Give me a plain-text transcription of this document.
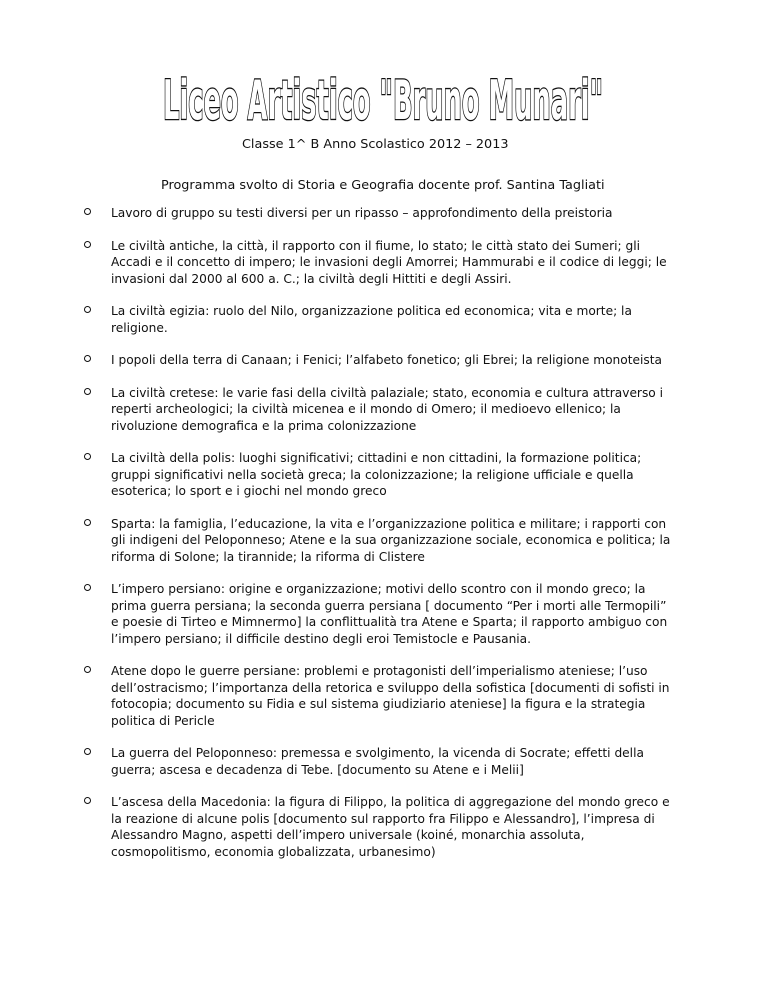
Liceo Artistico "Bruno Munari"
Classe 1^ B Anno Scolastico 2012 – 2013
Programma svolto di Storia e Geografia docente prof. Santina Tagliati
Lavoro di gruppo su testi diversi per un ripasso – approfondimento della preistoria
Le civiltà antiche, la città, il rapporto con il fiume, lo stato; le città stato dei Sumeri; gli Accadi e il concetto di impero; le invasioni degli Amorrei; Hammurabi e il codice di leggi; le invasioni dal 2000 al 600 a. C.; la civiltà degli Hittiti e degli Assiri.
La civiltà egizia: ruolo del Nilo, organizzazione politica ed economica; vita e morte; la religione.
I popoli della terra di Canaan; i Fenici; l’alfabeto fonetico; gli Ebrei; la religione monoteista
La civiltà cretese: le varie fasi della civiltà palaziale; stato, economia e cultura attraverso i reperti archeologici; la civiltà micenea e il mondo di Omero; il medioevo ellenico; la rivoluzione demografica e la prima colonizzazione
La civiltà della polis: luoghi significativi; cittadini e non cittadini, la formazione politica; gruppi significativi nella società greca; la colonizzazione; la religione ufficiale e quella esoterica; lo sport e i giochi nel mondo greco
Sparta: la famiglia, l’educazione, la vita e l’organizzazione politica e militare; i rapporti con gli indigeni del Peloponneso; Atene e la sua organizzazione sociale, economica e politica; la riforma di Solone; la tirannide; la riforma di Clistere
L’impero persiano: origine e organizzazione; motivi dello scontro con il mondo greco; la prima guerra persiana; la seconda guerra persiana [ documento “Per i morti alle Termopili” e poesie di Tirteo e Mimnermo] la conflittualità tra Atene e Sparta; il rapporto ambiguo con l’impero persiano; il difficile destino degli eroi Temistocle e Pausania.
Atene dopo le guerre persiane: problemi e protagonisti dell’imperialismo ateniese; l’uso dell’ostracismo; l’importanza della retorica e sviluppo della sofistica [documenti di sofisti in fotocopia; documento su Fidia e sul sistema giudiziario ateniese] la figura e la strategia politica di Pericle
La guerra del Peloponneso: premessa e svolgimento, la vicenda di Socrate; effetti della guerra; ascesa e decadenza di Tebe. [documento su Atene e i Melii]
L’ascesa della Macedonia: la figura di Filippo, la politica di aggregazione del mondo greco e la reazione di alcune polis [documento sul rapporto fra Filippo e Alessandro], l’impresa di Alessandro Magno, aspetti dell’impero universale (koiné, monarchia assoluta, cosmopolitismo, economia globalizzata, urbanesimo)
